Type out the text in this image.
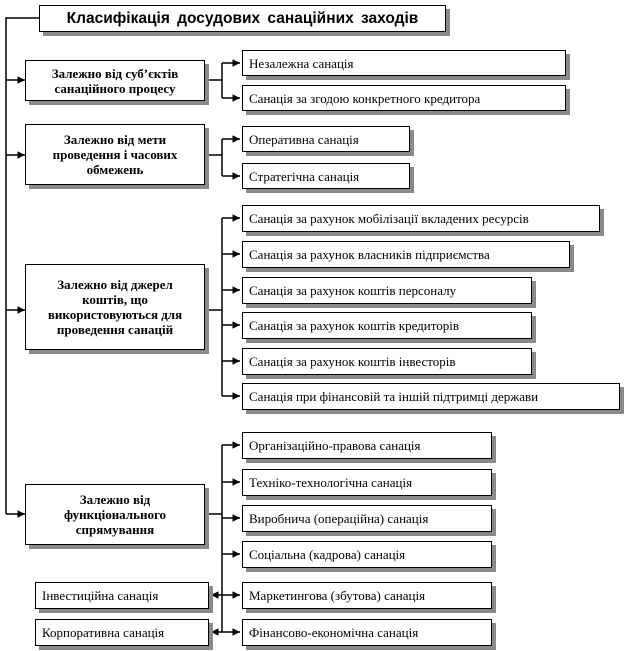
Класифікація досудових санаційних заходів
Залежно від суб’єктів санаційного процесу
Незалежна санація
Санація за згодою конкретного кредитора
Залежно від мети проведення і часових обмежень
Оперативна санація
Стратегічна санація
Залежно від джерел коштів, що використовуються для проведення санацій
Санація за рахунок мобілізації вкладених ресурсів
Санація за рахунок власників підприємства
Санація за рахунок коштів персоналу
Санація за рахунок коштів кредиторів
Санація за рахунок коштів інвесторів
Санація при фінансовій та іншій підтримці держави
Залежно від функціонального спрямування
Організаційно-правова санація
Техніко-технологічна санація
Виробнича (операційна) санація
Соціальна (кадрова) санація
Маркетингова (збутова) санація
Фінансово-економічна санація
Інвестиційна санація
Корпоративна санація
